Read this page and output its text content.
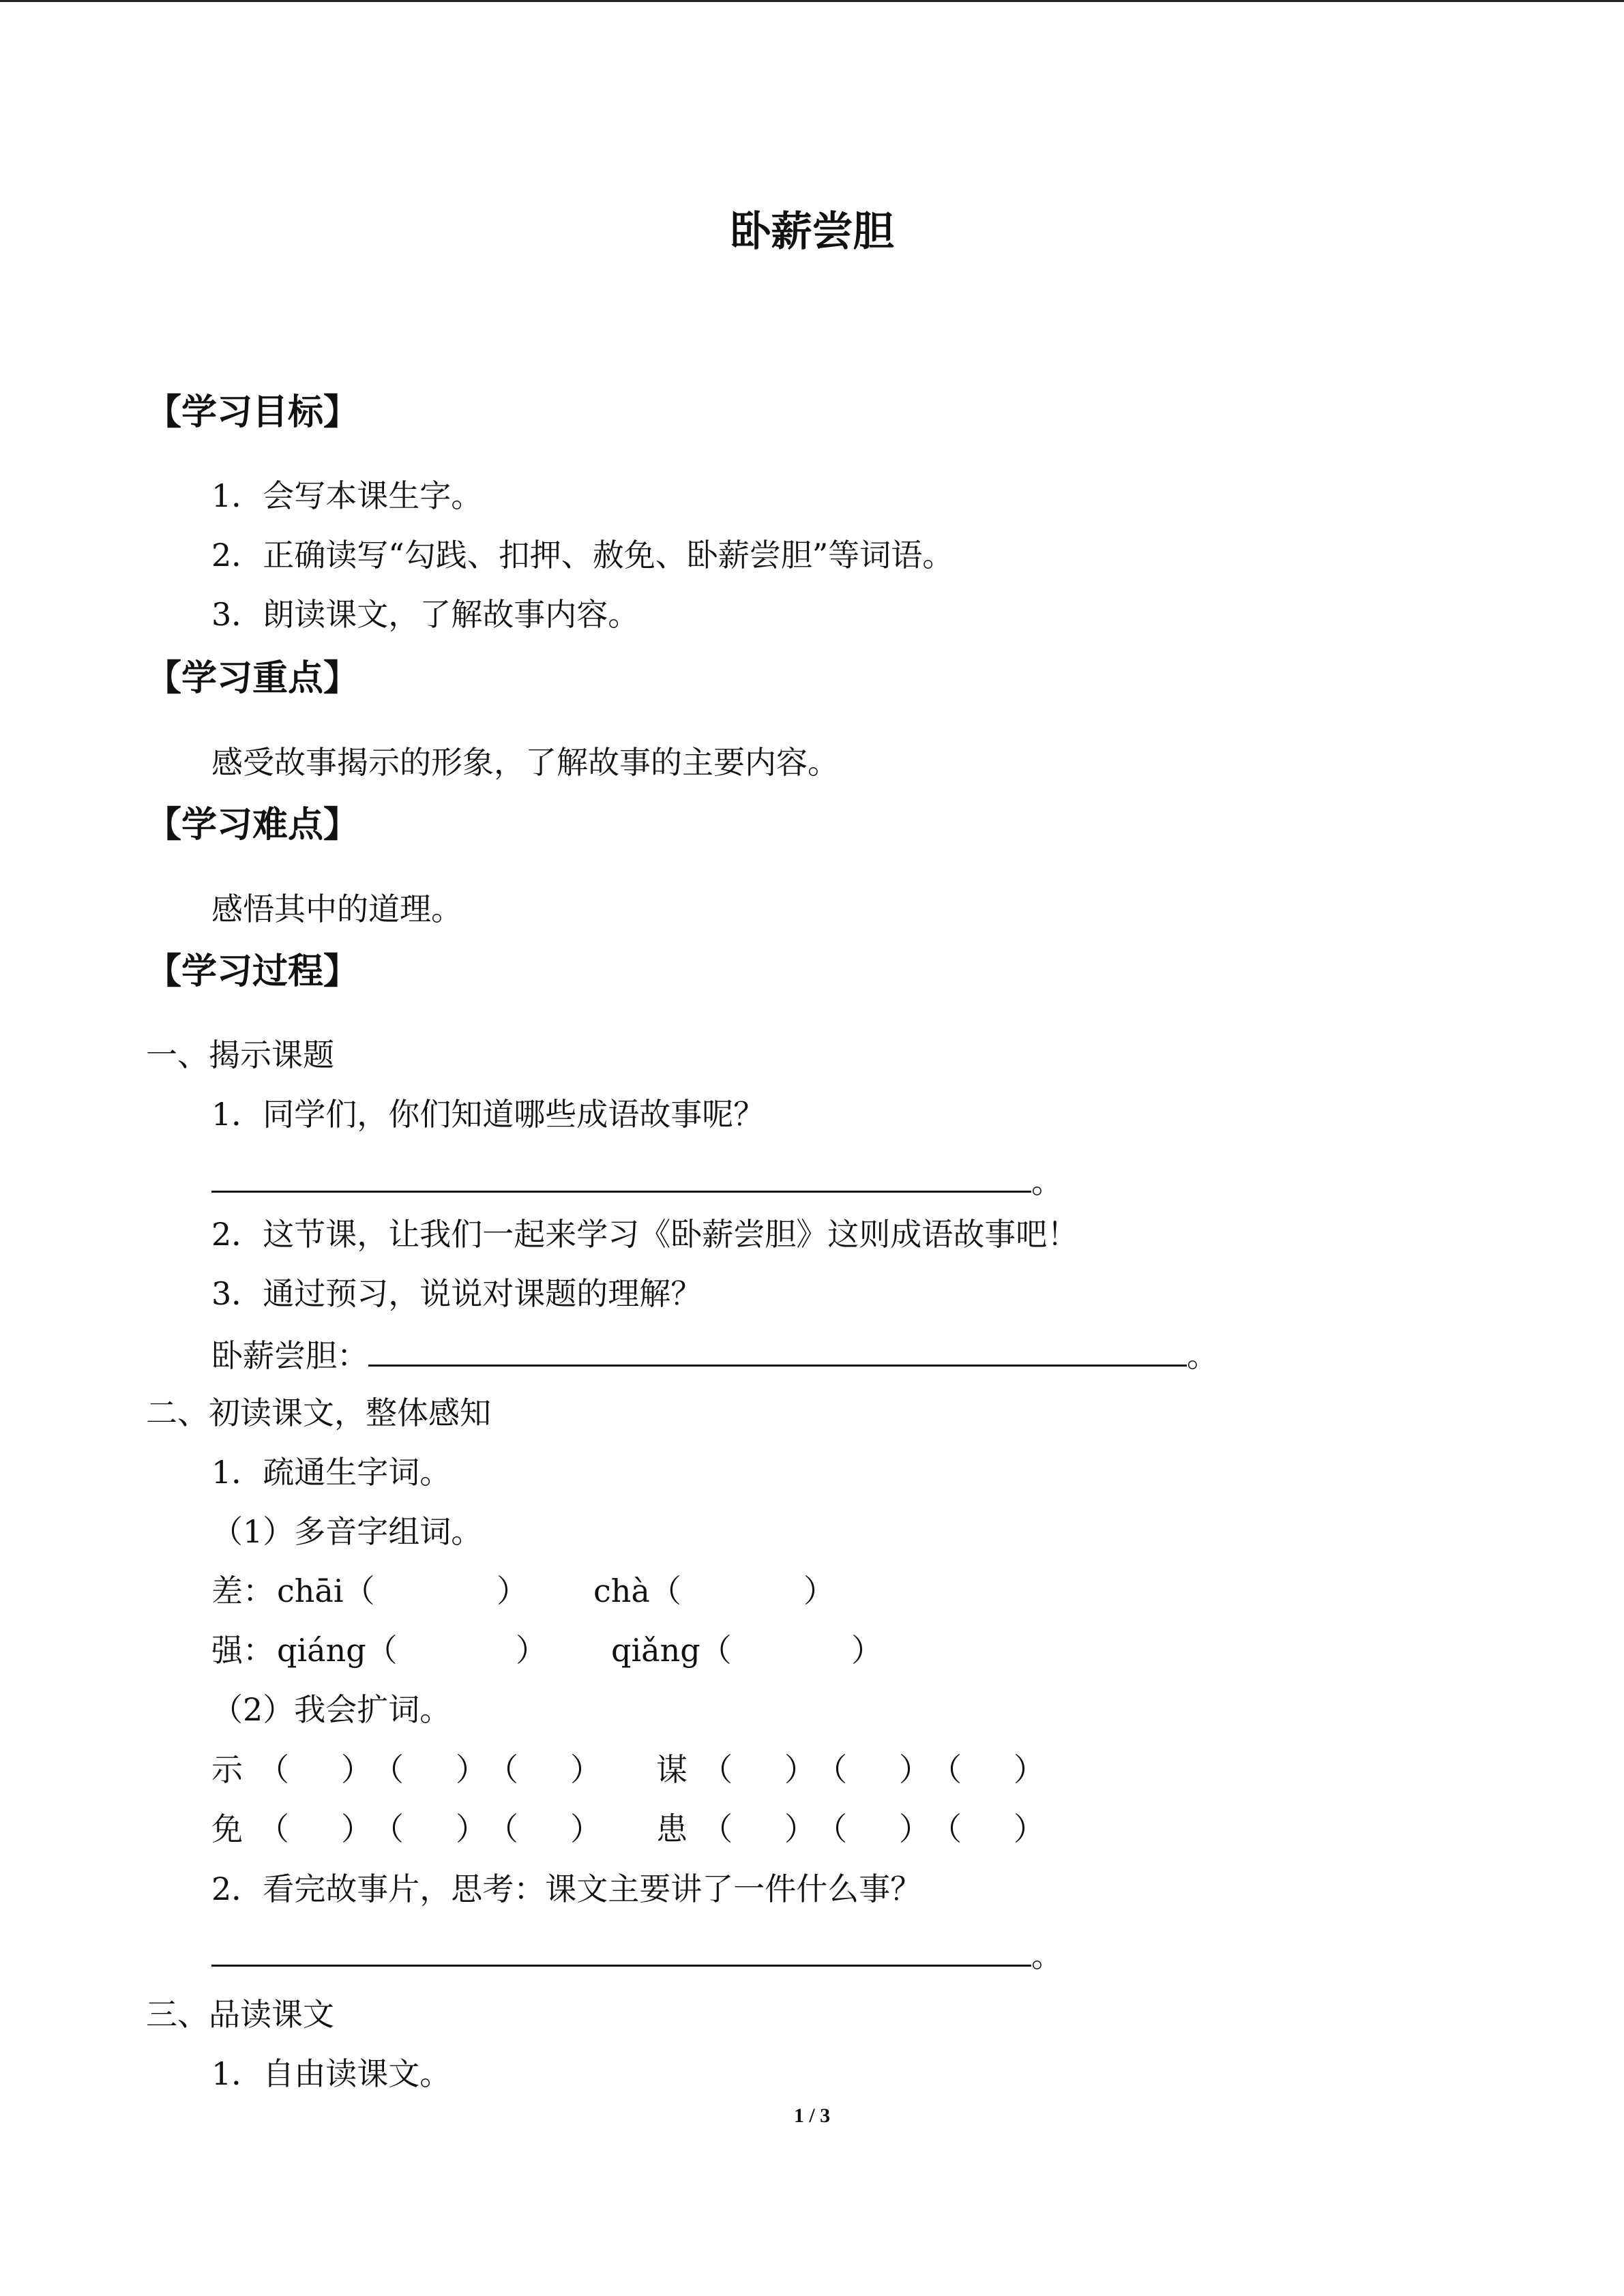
卧薪尝胆
【学习目标】
1．会写本课生字。
2．正确读写“勾践、扣押、赦免、卧薪尝胆”等词语。
3．朗读课文，了解故事内容。
【学习重点】
感受故事揭示的形象，了解故事的主要内容。
【学习难点】
感悟其中的道理。
【学习过程】
一、揭示课题
1．同学们，你们知道哪些成语故事呢？
。
2．这节课，让我们一起来学习《卧薪尝胆》这则成语故事吧！
3．通过预习，说说对课题的理解？
卧薪尝胆：	。
二、初读课文，整体感知
1．疏通生字词。
（1）多音字组词。
差： chāi（	） chà（	）
强： qiáng（	） qiǎng（	）
（2）我会扩词。
示 （ ） （ ） （ ） 谋 （ ） （ ） （ ）
免 （ ） （ ） （ ） 患 （ ） （ ） （ ）
2．看完故事片，思考：课文主要讲了一件什么事？
。
三、品读课文
1．自由读课文。
1 / 3
